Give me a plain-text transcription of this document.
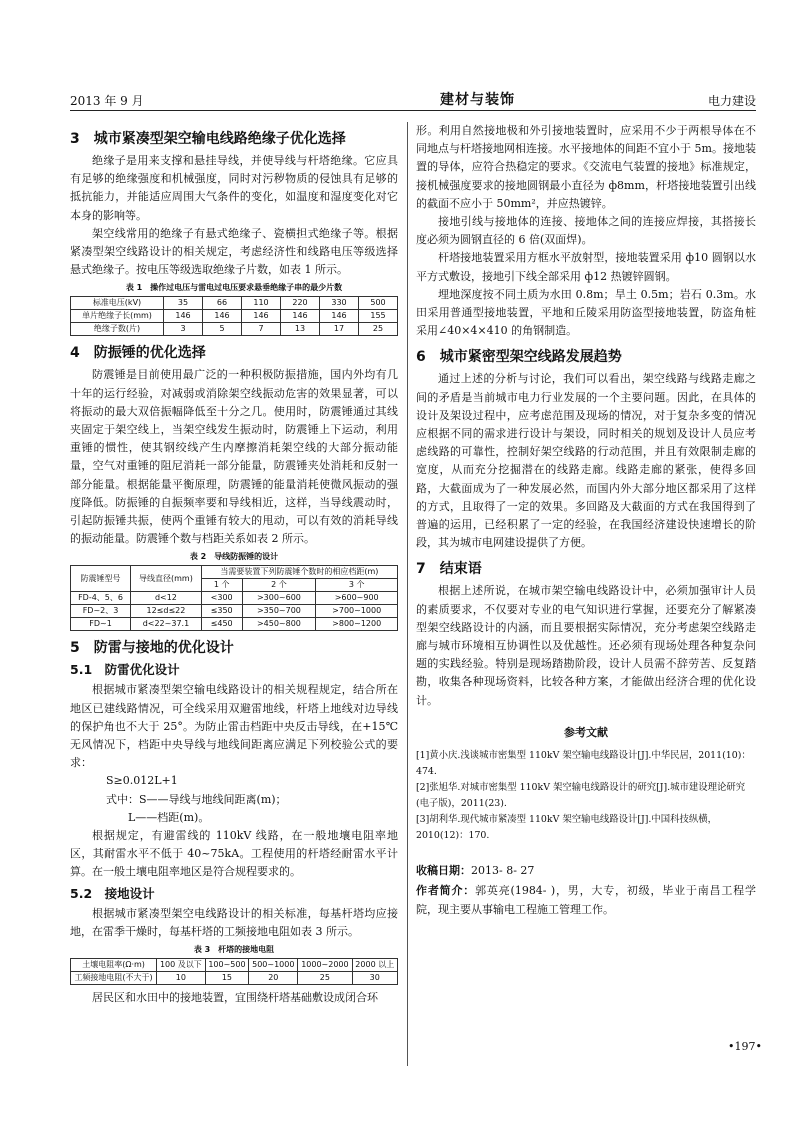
2013 年 9 月	建材与装饰	电力建设
3　城市紧凑型架空输电线路绝缘子优化选择

绝缘子是用来支撑和悬挂导线，并使导线与杆塔绝缘。它应具有足够的绝缘强度和机械强度，同时对污秽物质的侵蚀具有足够的抵抗能力，并能适应周围大气条件的变化，如温度和湿度变化对它本身的影响等。

架空线常用的绝缘子有悬式绝缘子、瓷横担式绝缘子等。根据紧凑型架空线路设计的相关规定，考虑经济性和线路电压等级选择悬式绝缘子。按电压等级选取绝缘子片数，如表 1 所示。

表 1　操作过电压与雷电过电压要求悬垂绝缘子串的最少片数
标准电压(kV)	35	66	110	220	330	500
单片绝缘子长(mm)	146	146	146	146	146	155
绝缘子数(片)	3	5	7	13	17	25
4　防振锤的优化选择

防震锤是目前使用最广泛的一种积极防振措施，国内外均有几十年的运行经验，对减弱或消除架空线振动危害的效果显著，可以将振动的最大双倍振幅降低至十分之几。使用时，防震锤通过其线夹固定于架空线上，当架空线发生振动时，防震锤上下运动，利用重锤的惯性，使其钢绞线产生内摩擦消耗架空线的大部分振动能量，空气对重锤的阻尼消耗一部分能量，防震锤夹处消耗和反射一部分能量。根据能量平衡原理，防震锤的能量消耗使微风振动的强度降低。防振锤的自振频率要和导线相近，这样，当导线震动时，引起防振锤共振，使两个重锤有较大的甩动，可以有效的消耗导线的振动能量。防震锤个数与档距关系如表 2 所示。

表 2　导线防振锤的设计
防震锤型号	导线直径(mm)	当需要装置下列防震锤个数时的相应档距(m)		
		1 个	2 个	3 个
FD-4、5、6	d<12	<300	>300~600	>600~900
FD~2、3	12≤d≤22	≤350	>350~700	>700~1000
FD~1	d<22~37.1	≤450	>450~800	>800~1200
5　防雷与接地的优化设计
5.1　防雷优化设计

根据城市紧凑型架空输电线路设计的相关规程规定，结合所在地区已建线路情况，可全线采用双避雷地线，杆塔上地线对边导线的保护角也不大于 25°。为防止雷击档距中央反击导线，在+15℃无风情况下，档距中央导线与地线间距离应满足下列校验公式的要求：

S≥0.012L+1

式中：S——导线与地线间距离(m)；

L——档距(m)。

根据规定，有避雷线的 110kV 线路，在一般地壤电阻率地区，其耐雷水平不低于 40~75kA。工程使用的杆塔经耐雷水平计算。在一般土壤电阻率地区是符合规程要求的。

5.2　接地设计

根据城市紧凑型架空电线路设计的相关标准，每基杆塔均应接地，在雷季干燥时，每基杆塔的工频接地电阻如表 3 所示。

表 3　杆塔的接地电阻
土壤电阻率(Ω·m)	100 及以下	100~500	500~1000	1000~2000	2000 以上
工频接地电阻(不大于)	10	15	20	25	30

居民区和水田中的接地装置，宜围绕杆塔基础敷设成闭合环

形。利用自然接地极和外引接地装置时，应采用不少于两根导体在不同地点与杆塔接地网相连接。水平接地体的间距不宜小于 5m。接地装置的导体，应符合热稳定的要求。《交流电气装置的接地》标准规定，接机械强度要求的接地圆钢最小直径为 ф8mm，杆塔接地装置引出线的截面不应小于 50mm²，并应热镀锌。

接地引线与接地体的连接、接地体之间的连接应焊接，其搭接长度必须为圆钢直径的 6 倍(双面焊)。

杆塔接地装置采用方框水平放射型，接地装置采用 ф10 圆钢以水平方式敷设，接地引下线全部采用 ф12 热镀锌圆钢。

埋地深度按不同土质为水田 0.8m；旱土 0.5m；岩石 0.3m。水田采用普通型接地装置，平地和丘陵采用防盗型接地装置，防盗角桩采用∠40×4×410 的角钢制造。

6　城市紧密型架空线路发展趋势

通过上述的分析与讨论，我们可以看出，架空线路与线路走廊之间的矛盾是当前城市电力行业发展的一个主要问题。因此，在具体的设计及架设过程中，应考虑范围及现场的情况，对于复杂多变的情况应根据不同的需求进行设计与架设，同时相关的规划及设计人员应考虑线路的可靠性，控制好架空线路的行动范围，并且有效限制走廊的宽度，从而充分挖掘潜在的线路走廊。线路走廊的紧张，使得多回路，大截面成为了一种发展必然，而国内外大部分地区都采用了这样的方式，且取得了一定的效果。多回路及大截面的方式在我国得到了普遍的运用，已经积累了一定的经验，在我国经济建设快速增长的阶段，其为城市电网建设提供了方便。

7　结束语

根据上述所说，在城市架空输电线路设计中，必须加强审计人员的素质要求，不仅要对专业的电气知识进行掌握，还要充分了解紧凑型架空线路设计的内涵，而且要根据实际情况，充分考虑架空线路走廊与城市环境相互协调性以及优越性。还必须有现场处理各种复杂问题的实践经验。特别是现场踏勘阶段，设计人员需不辞劳苦、反复踏勘，收集各种现场资料，比较各种方案，才能做出经济合理的优化设计。

参考文献

[1]黄小庆.浅谈城市密集型 110kV 架空输电线路设计[J].中华民居，2011(10)：474.

[2]张旭华.对城市密集型 110kV 架空输电线路设计的研究[J].城市建设理论研究(电子版)，2011(23).

[3]胡利华.现代城市紧凑型 110kV 架空输电线路设计[J].中国科技纵横，2010(12)：170.

收稿日期：2013- 8- 27

作者简介：郭英亮(1984- )，男，大专，初级，毕业于南昌工程学院，现主要从事输电工程施工管理工作。

•197•
